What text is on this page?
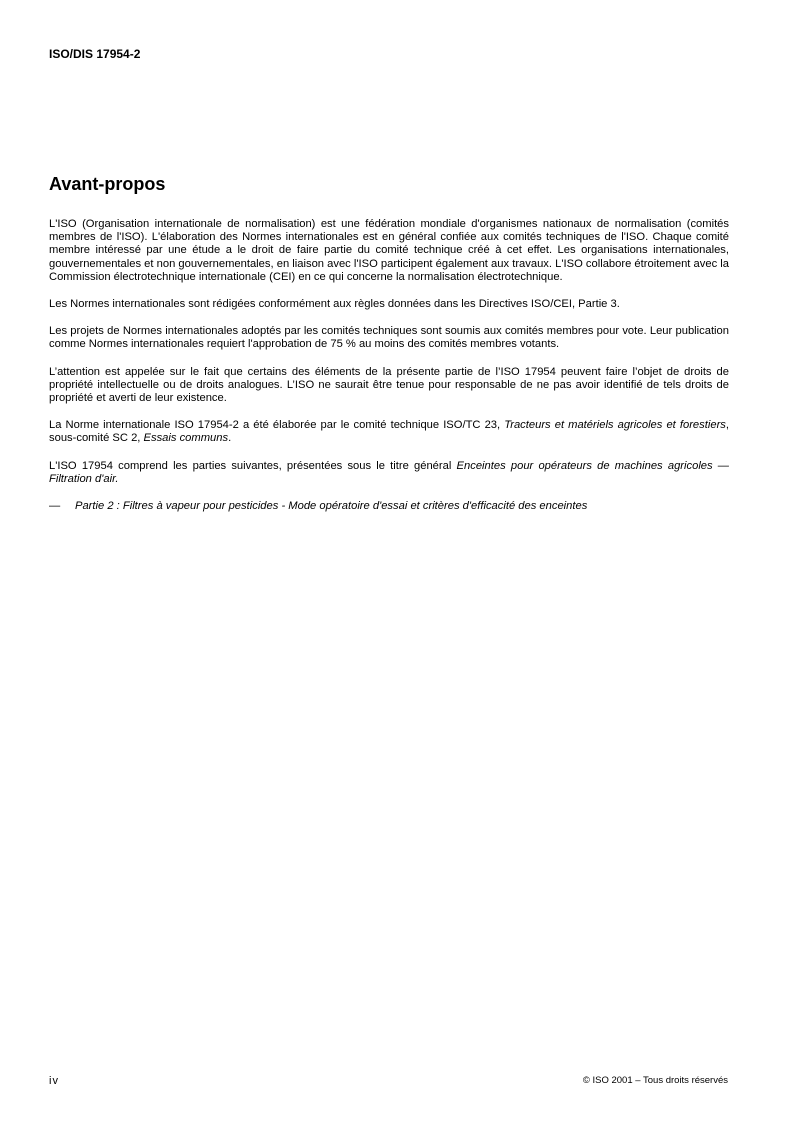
ISO/DIS 17954-2
Avant-propos

L'ISO (Organisation internationale de normalisation) est une fédération mondiale d'organismes nationaux de normalisation (comités membres de l'ISO). L'élaboration des Normes internationales est en général confiée aux comités techniques de l'ISO. Chaque comité membre intéressé par une étude a le droit de faire partie du comité technique créé à cet effet. Les organisations internationales, gouvernementales et non gouvernementales, en liaison avec l'ISO participent également aux travaux. L'ISO collabore étroitement avec la Commission électrotechnique internationale (CEI) en ce qui concerne la normalisation électrotechnique.

Les Normes internationales sont rédigées conformément aux règles données dans les Directives ISO/CEI, Partie 3.

Les projets de Normes internationales adoptés par les comités techniques sont soumis aux comités membres pour vote. Leur publication comme Normes internationales requiert l'approbation de 75 % au moins des comités membres votants.

L’attention est appelée sur le fait que certains des éléments de la présente partie de l’ISO 17954 peuvent faire l’objet de droits de propriété intellectuelle ou de droits analogues. L’ISO ne saurait être tenue pour responsable de ne pas avoir identifié de tels droits de propriété et averti de leur existence.

La Norme internationale ISO 17954-2 a été élaborée par le comité technique ISO/TC 23, Tracteurs et matériels agricoles et forestiers, sous-comité SC 2, Essais communs.

L'ISO 17954 comprend les parties suivantes, présentées sous le titre général Enceintes pour opérateurs de machines agricoles — Filtration d'air.

— Partie 2 : Filtres à vapeur pour pesticides - Mode opératoire d'essai et critères d'efficacité des enceintes

iv	© ISO 2001 – Tous droits réservés
